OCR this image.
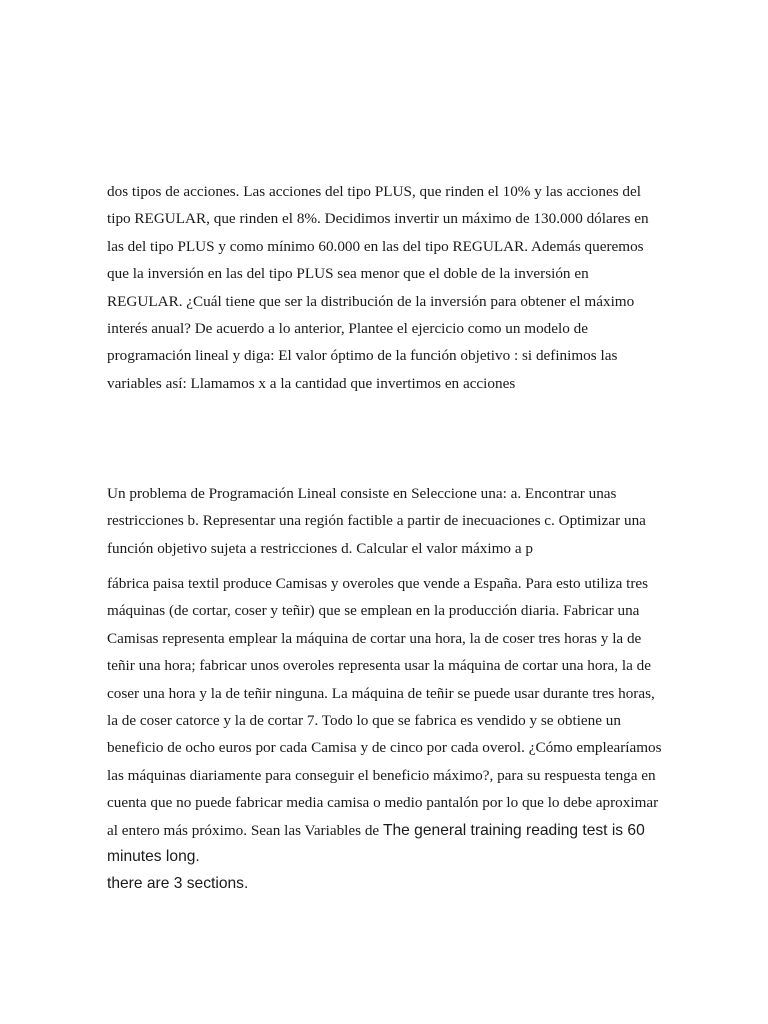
dos tipos de acciones. Las acciones del tipo PLUS, que rinden el 10% y las acciones del
tipo REGULAR, que rinden el 8%. Decidimos invertir un máximo de 130.000 dólares en
las del tipo PLUS y como mínimo 60.000 en las del tipo REGULAR. Además queremos
que la inversión en las del tipo PLUS sea menor que el doble de la inversión en
REGULAR. ¿Cuál tiene que ser la distribución de la inversión para obtener el máximo
interés anual? De acuerdo a lo anterior, Plantee el ejercicio como un modelo de
programación lineal y diga: El valor óptimo de la función objetivo : si definimos las
variables así: Llamamos x a la cantidad que invertimos en acciones
Un problema de Programación Lineal consiste en Seleccione una: a. Encontrar unas
restricciones b. Representar una región factible a partir de inecuaciones c. Optimizar una
función objetivo sujeta a restricciones d. Calcular el valor máximo a p
fábrica paisa textil produce Camisas y overoles que vende a España. Para esto utiliza tres
máquinas (de cortar, coser y teñir) que se emplean en la producción diaria. Fabricar una
Camisas representa emplear la máquina de cortar una hora, la de coser tres horas y la de
teñir una hora; fabricar unos overoles representa usar la máquina de cortar una hora, la de
coser una hora y la de teñir ninguna. La máquina de teñir se puede usar durante tres horas,
la de coser catorce y la de cortar 7. Todo lo que se fabrica es vendido y se obtiene un
beneficio de ocho euros por cada Camisa y de cinco por cada overol. ¿Cómo emplearíamos
las máquinas diariamente para conseguir el beneficio máximo?, para su respuesta tenga en
cuenta que no puede fabricar media camisa o medio pantalón por lo que lo debe aproximar
al entero más próximo. Sean las Variables de The general training reading test is 60
minutes long.
there are 3 sections.
